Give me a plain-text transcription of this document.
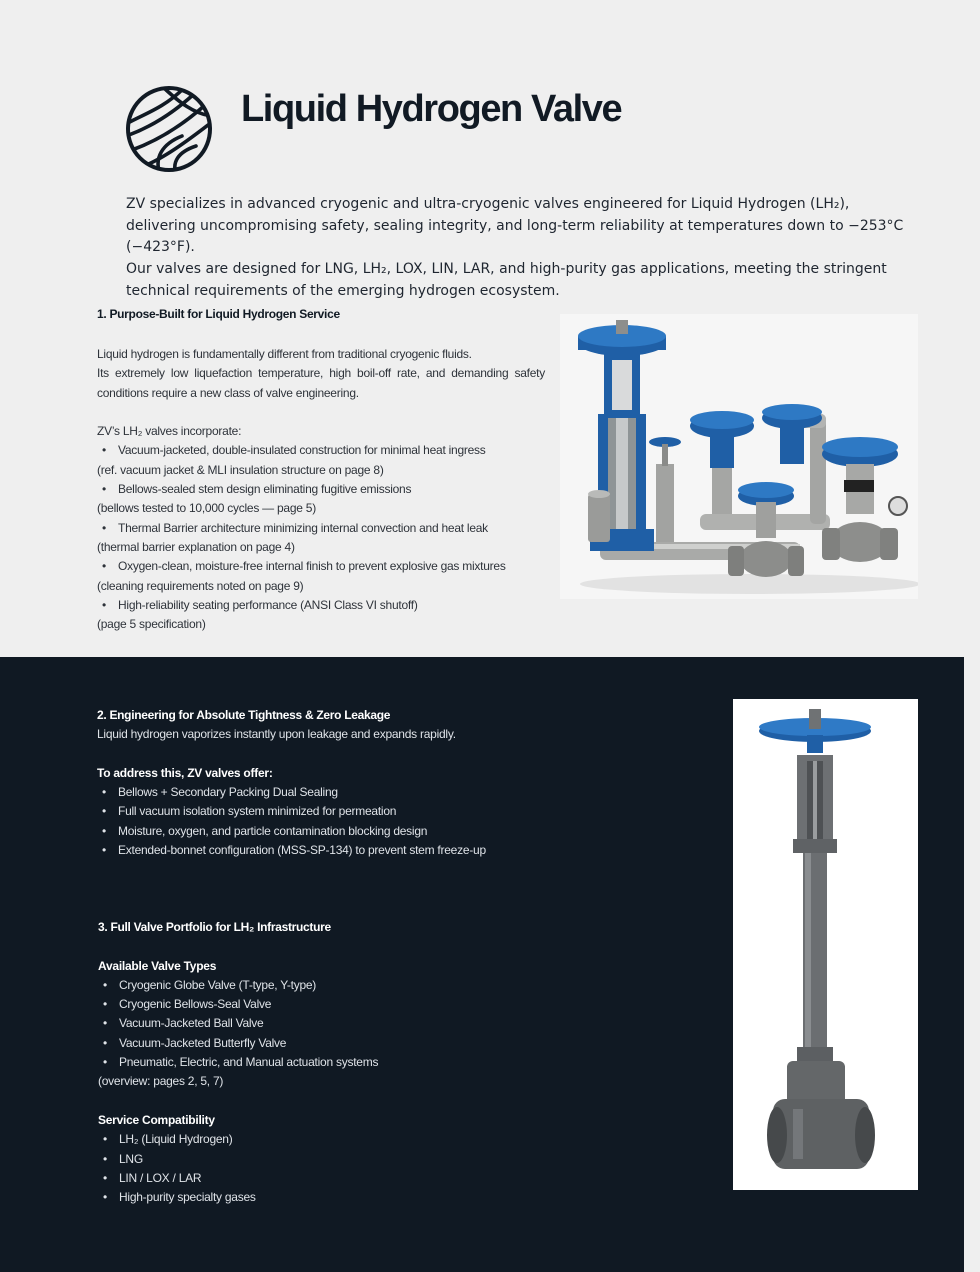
Liquid Hydrogen Valve

ZV specializes in advanced cryogenic and ultra-cryogenic valves engineered for Liquid Hydrogen (LH₂), delivering uncompromising safety, sealing integrity, and long-term reliability at temperatures down to −253°C (−423°F).

Our valves are designed for LNG, LH₂, LOX, LIN, LAR, and high-purity gas applications, meeting the stringent technical requirements of the emerging hydrogen ecosystem.

1. Purpose-Built for Liquid Hydrogen Service

Liquid hydrogen is fundamentally different from traditional cryogenic fluids.

Its extremely low liquefaction temperature, high boil-off rate, and demanding safety conditions require a new class of valve engineering.

ZV’s LH₂ valves incorporate:

•	Vacuum-jacketed, double-insulated construction for minimal heat ingress

(ref. vacuum jacket & MLI insulation structure on page 8)

•	Bellows-sealed stem design eliminating fugitive emissions

(bellows tested to 10,000 cycles — page 5)

•	Thermal Barrier architecture minimizing internal convection and heat leak

(thermal barrier explanation on page 4)

•	Oxygen-clean, moisture-free internal finish to prevent explosive gas mixtures

(cleaning requirements noted on page 9)

•	High-reliability seating performance (ANSI Class VI shutoff)

(page 5 specification)

2. Engineering for Absolute Tightness & Zero Leakage

Liquid hydrogen vaporizes instantly upon leakage and expands rapidly.

To address this, ZV valves offer:
•	Bellows + Secondary Packing Dual Sealing
•	Full vacuum isolation system minimized for permeation
•	Moisture, oxygen, and particle contamination blocking design
•	Extended-bonnet configuration (MSS-SP-134) to prevent stem freeze-up
3. Full Valve Portfolio for LH₂ Infrastructure
Available Valve Types
•	Cryogenic Globe Valve (T-type, Y-type)
•	Cryogenic Bellows-Seal Valve
•	Vacuum-Jacketed Ball Valve
•	Vacuum-Jacketed Butterfly Valve
•	Pneumatic, Electric, and Manual actuation systems

(overview: pages 2, 5, 7)

Service Compatibility
•	LH₂ (Liquid Hydrogen)
•	LNG
•	LIN / LOX / LAR
•	High-purity specialty gases
